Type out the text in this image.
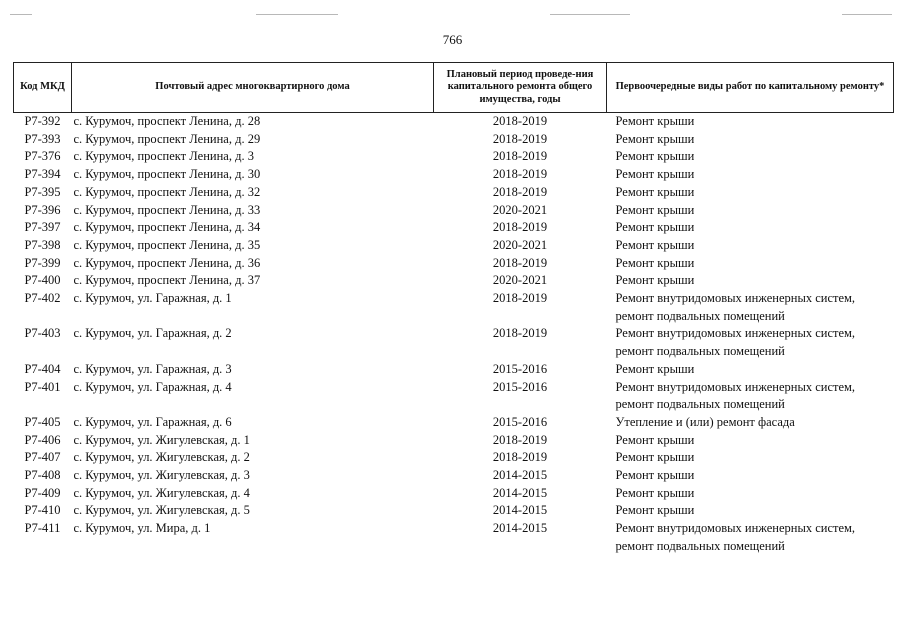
766
Код МКД	Почтовый адрес многоквартирного дома	Плановый период проведе-ния капитального ремонта общего имущества, годы	Первоочередные виды работ по капитальному ремонту*
Р7-392	с. Курумоч, проспект Ленина, д. 28	2018-2019	Ремонт крыши
Р7-393	с. Курумоч, проспект Ленина, д. 29	2018-2019	Ремонт крыши
Р7-376	с. Курумоч, проспект Ленина, д. 3	2018-2019	Ремонт крыши
Р7-394	с. Курумоч, проспект Ленина, д. 30	2018-2019	Ремонт крыши
Р7-395	с. Курумоч, проспект Ленина, д. 32	2018-2019	Ремонт крыши
Р7-396	с. Курумоч, проспект Ленина, д. 33	2020-2021	Ремонт крыши
Р7-397	с. Курумоч, проспект Ленина, д. 34	2018-2019	Ремонт крыши
Р7-398	с. Курумоч, проспект Ленина, д. 35	2020-2021	Ремонт крыши
Р7-399	с. Курумоч, проспект Ленина, д. 36	2018-2019	Ремонт крыши
Р7-400	с. Курумоч, проспект Ленина, д. 37	2020-2021	Ремонт крыши
Р7-402	с. Курумоч, ул. Гаражная, д. 1	2018-2019	Ремонт внутридомовых инженерных систем, ремонт подвальных помещений
Р7-403	с. Курумоч, ул. Гаражная, д. 2	2018-2019	Ремонт внутридомовых инженерных систем, ремонт подвальных помещений
Р7-404	с. Курумоч, ул. Гаражная, д. 3	2015-2016	Ремонт крыши
Р7-401	с. Курумоч, ул. Гаражная, д. 4	2015-2016	Ремонт внутридомовых инженерных систем, ремонт подвальных помещений
Р7-405	с. Курумоч, ул. Гаражная, д. 6	2015-2016	Утепление и (или) ремонт фасада
Р7-406	с. Курумоч, ул. Жигулевская, д. 1	2018-2019	Ремонт крыши
Р7-407	с. Курумоч, ул. Жигулевская, д. 2	2018-2019	Ремонт крыши
Р7-408	с. Курумоч, ул. Жигулевская, д. 3	2014-2015	Ремонт крыши
Р7-409	с. Курумоч, ул. Жигулевская, д. 4	2014-2015	Ремонт крыши
Р7-410	с. Курумоч, ул. Жигулевская, д. 5	2014-2015	Ремонт крыши
Р7-411	с. Курумоч, ул. Мира, д. 1	2014-2015	Ремонт внутридомовых инженерных систем, ремонт подвальных помещений
